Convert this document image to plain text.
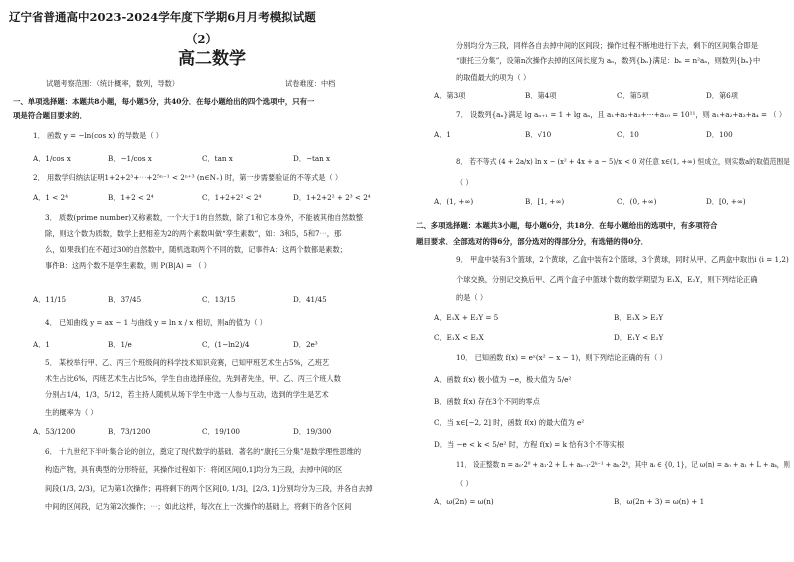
辽宁省普通高中2023-2024学年度下学期6月月考模拟试题
（2）
高二数学
试题考察范围：（统计概率，数列，导数）	试卷难度：中档
一、单项选择题：本题共8小题，每小题5分，共40分．在每小题给出的四个选项中，只有一
项是符合题目要求的．
1． 函数 y = −ln(cos x) 的导数是（ ）
A．1/cos x	B．−1/cos x	C．tan x	D．−tan x
2． 用数学归纳法证明1+2+2³+⋯+2⁵ⁿ⁻¹ < 2ⁿ⁺³ (n∈N₊) 时，第一步需要验证的不等式是（ ）
A．1 < 2⁴	B．1+2 < 2⁴	C．1+2+2² < 2⁴	D．1+2+2² + 2³ < 2⁴
3． 质数(prime number)又称素数，一个大于1的自然数，除了1和它本身外，不能被其他自然数整
除，则这个数为质数，数学上把相差为2的两个素数叫做“孪生素数”，如：3和5，5和7⋯，那
么，如果我们在不超过30的自然数中，随机选取两个不同的数，记事件A：这两个数都是素数；
事件B：这两个数不是孪生素数，则 P(B|A) = （ ）
A．11/15	B．37/45	C．13/15	D．41/45
4． 已知曲线 y = ax − 1 与曲线 y = ln x / x 相切，则a的值为（ ）
A．1	B．1/e	C．(1−ln2)/4	D．2e³
5． 某校举行甲、乙、丙三个班级间的科学技术知识竞赛，已知甲班艺术生占5%，乙班艺
术生占比6%，丙班艺术生占比5%，学生自由选择座位，先到者先坐，甲、乙、丙三个班人数
分别占1/4，1/3，5/12，若主持人随机从场下学生中选一人参与互动，选到的学生是艺术
生的概率为（ ）
A．53/1200	B．73/1200	C．19/100	D．19/300
6． 十九世纪下半叶集合论的创立，奠定了现代数学的基础．著名的“康托三分集”是数学理性思维的
构造产物，具有典型的分形特征，其操作过程如下：将闭区间[0,1]均分为三段，去掉中间的区
间段(1/3, 2/3)，记为第1次操作；再将剩下的两个区间[0, 1/3]，[2/3, 1]分别均分为三段，并各自去掉
中间的区间段，记为第2次操作；⋯；如此这样，每次在上一次操作的基础上，将剩下的各个区间
分别均分为三段，同样各自去掉中间的区间段；操作过程不断地进行下去，剩下的区间集合即是
“康托三分集”，设第n次操作去掉的区间长度为 aₙ，数列{bₙ}满足：bₙ = n²aₙ，则数列{bₙ}中
的取值最大的项为（ ）
A．第3项	B．第4项	C．第5项	D．第6项
7． 设数列{aₙ}满足 lg aₙ₊₁ = 1 + lg aₙ，且 a₁+a₂+a₃+⋯+a₁₀ = 10¹¹，则 a₁+a₂+a₃+a₄ = （ ）
A．1	B．√10	C．10	D．100
8． 若不等式 (4 + 2a/x) ln x − (x² + 4x + a − 5)/x < 0 对任意 x∈(1, +∞) 恒成立，则实数a的取值范围是
（ ）
A．(1, +∞)	B．[1, +∞)	C．(0, +∞)	D．[0, +∞)
二、多项选择题：本题共3小题，每小题6分，共18分．在每小题给出的选项中，有多项符合
题目要求．全部选对的得6分，部分选对的得部分分，有选错的得0分．
9． 甲盒中装有3个篮球，2个黄球，乙盒中装有2个篮球，3个黄球，同时从甲、乙两盒中取出i (i = 1,2)
个球交换，分别记交换后甲、乙两个盒子中篮球个数的数学期望为 E₁X，E₂Y，则下列结论正确
的是（ ）
A．E₁X + E₂Y = 5	B．E₁X > E₂Y
C．E₁X < E₂X	D．E₁Y < E₂Y
10． 已知函数 f(x) = eˣ(x² − x − 1)，则下列结论正确的有（ ）
A．函数 f(x) 极小值为 −e，极大值为 5/e²
B．函数 f(x) 存在3个不同的零点
C．当 x∈[−2, 2] 时，函数 f(x) 的最大值为 e²
D．当 −e < k < 5/e² 时，方程 f(x) = k 恰有3个不等实根
11． 设正整数 n = a₀·2⁰ + a₁·2 + L + aₖ₋₁·2ᵏ⁻¹ + aₖ·2ᵏ，其中 aᵢ ∈ {0, 1}，记 ω(n) = a₀ + a₁ + L + aₖ，则
（ ）
A．ω(2n) = ω(n)	B．ω(2n + 3) = ω(n) + 1
